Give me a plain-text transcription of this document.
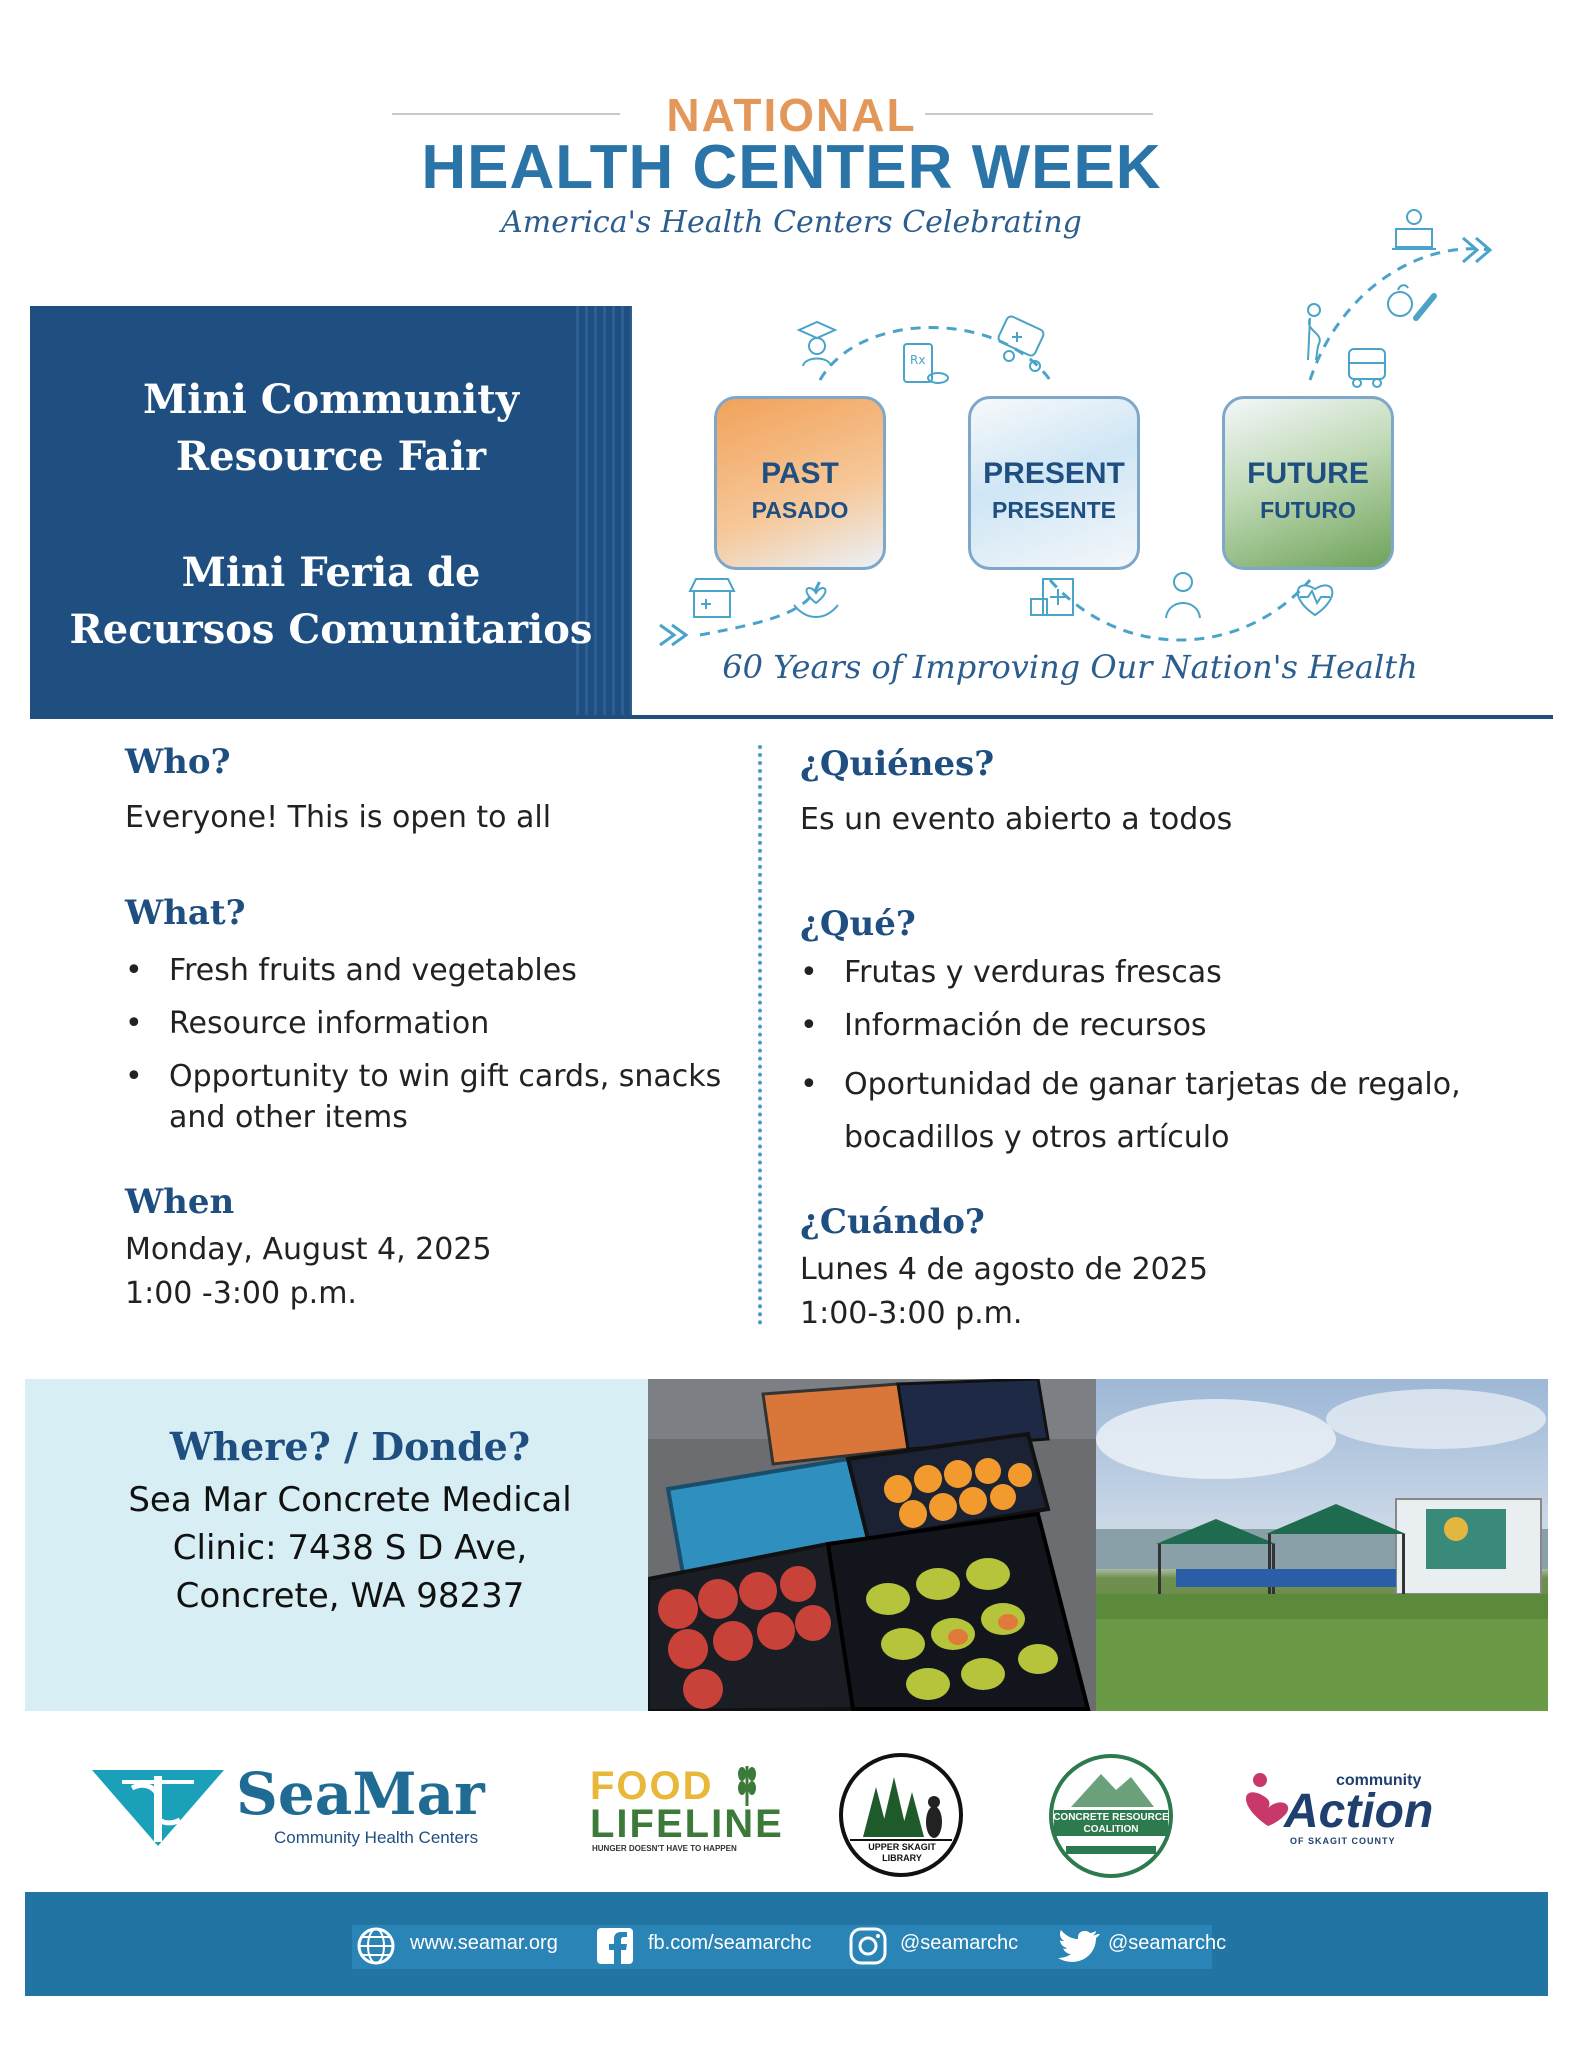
NATIONAL
HEALTH CENTER WEEK
America's Health Centers Celebrating
Mini Community
Resource Fair
Mini Feria de
Recursos Comunitarios
Rx
PAST
PASADO
PRESENT
PRESENTE
FUTURE
FUTURO
60 Years of Improving Our Nation's Health
Who?
Everyone! This is open to all
What?
• Fresh fruits and vegetables
• Resource information
• Opportunity to win gift cards, snacks and other items
When
Monday, August 4, 2025
1:00 -3:00 p.m.
¿Quiénes?
Es un evento abierto a todos
¿Qué?
• Frutas y verduras frescas
• Información de recursos
• Oportunidad de ganar tarjetas de regalo, bocadillos y otros artículo
¿Cuándo?
Lunes 4 de agosto de 2025
1:00-3:00 p.m.
Where? / Donde?
Sea Mar Concrete Medical
Clinic: 7438 S D Ave,
Concrete, WA 98237
SeaMar
Community Health Centers
FOOD
LIFELINE
HUNGER DOESN'T HAVE TO HAPPEN	UPPER SKAGIT LIBRARY
CONCRETE RESOURCE COALITION
community
Action
OF SKAGIT COUNTY
www.seamar.org	fb.com/seamarchc	@seamarchc	@seamarchc
